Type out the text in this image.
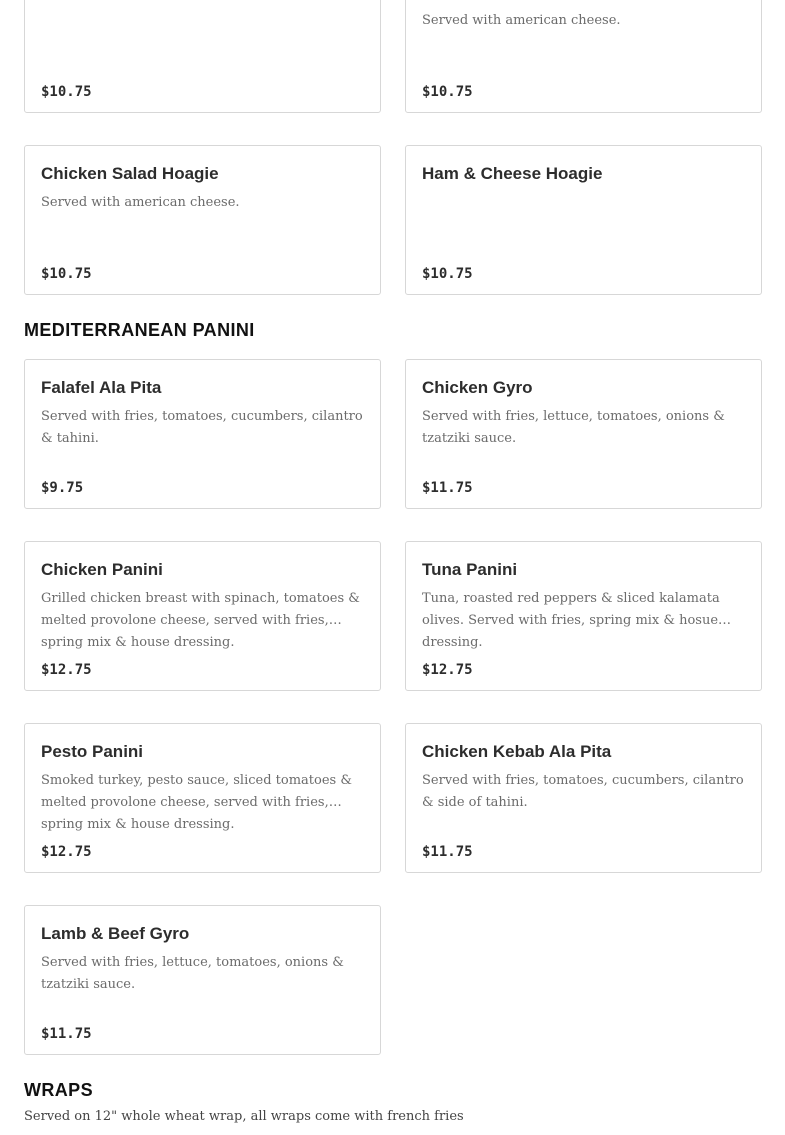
$10.75
Served with american cheese.
$10.75
Chicken Salad Hoagie
Served with american cheese.
$10.75
Ham & Cheese Hoagie
$10.75
MEDITERRANEAN PANINI
Falafel Ala Pita
Served with fries, tomatoes, cucumbers, cilantro & tahini.
$9.75
Chicken Gyro
Served with fries, lettuce, tomatoes, onions & tzatziki sauce.
$11.75
Chicken Panini
Grilled chicken breast with spinach, tomatoes & melted provolone cheese, served with fries, spring mix & house dressing.
$12.75
Tuna Panini
Tuna, roasted red peppers & sliced kalamata olives. Served with fries, spring mix & hosue dressing.
$12.75
Pesto Panini
Smoked turkey, pesto sauce, sliced tomatoes & melted provolone cheese, served with fries, spring mix & house dressing.
$12.75
Chicken Kebab Ala Pita
Served with fries, tomatoes, cucumbers, cilantro & side of tahini.
$11.75
Lamb & Beef Gyro
Served with fries, lettuce, tomatoes, onions & tzatziki sauce.
$11.75
WRAPS
Served on 12" whole wheat wrap, all wraps come with french fries
